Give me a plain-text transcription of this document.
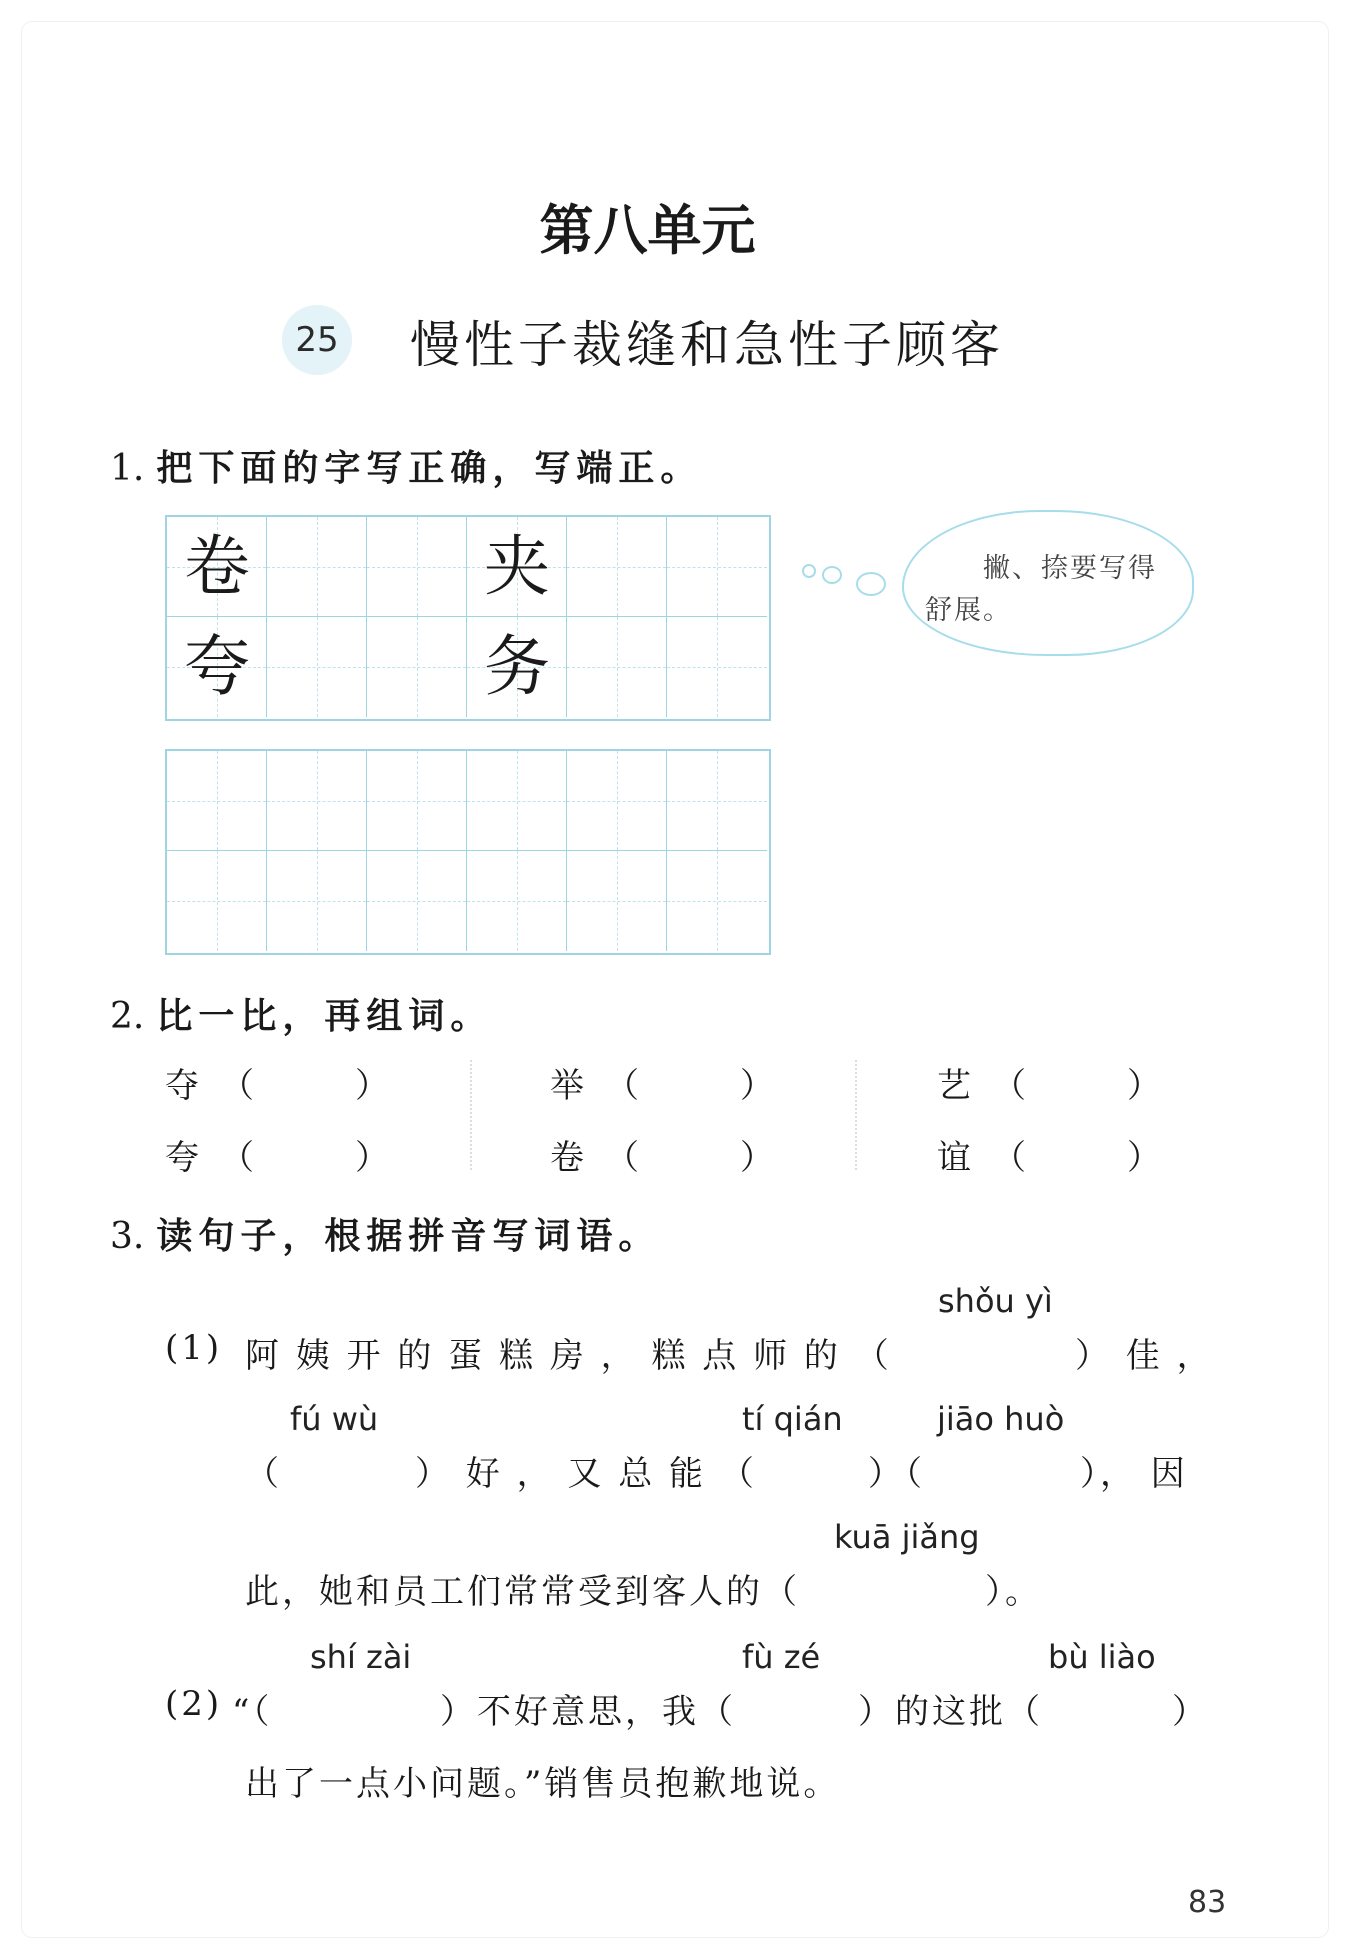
第八单元
25 慢性子裁缝和急性子顾客
1. 把下面的字写正确，写端正。
卷	夹
夸	务
撇、捺要写得
舒展。
2. 比一比，再组词。
夺 （	）	举 （	）	艺 （	）
夸 （	）	卷 （	）	谊 （	）
3. 读句子，根据拼音写词语。
shǒu yì
(1) 阿 姨 开 的 蛋 糕 房 ， 糕 点 师 的 （	） 佳 ，
fú wù	tí qián	jiāo huò
（	） 好 ， 又 总 能 （	）（	）， 因
kuā jiǎng
此，她和员工们常常受到客人的（	）。
shí zài	fù zé	bù liào
(2) “（	）不好意思，我（	）的这批（	）
出了一点小问题。”销售员抱歉地说。
83
